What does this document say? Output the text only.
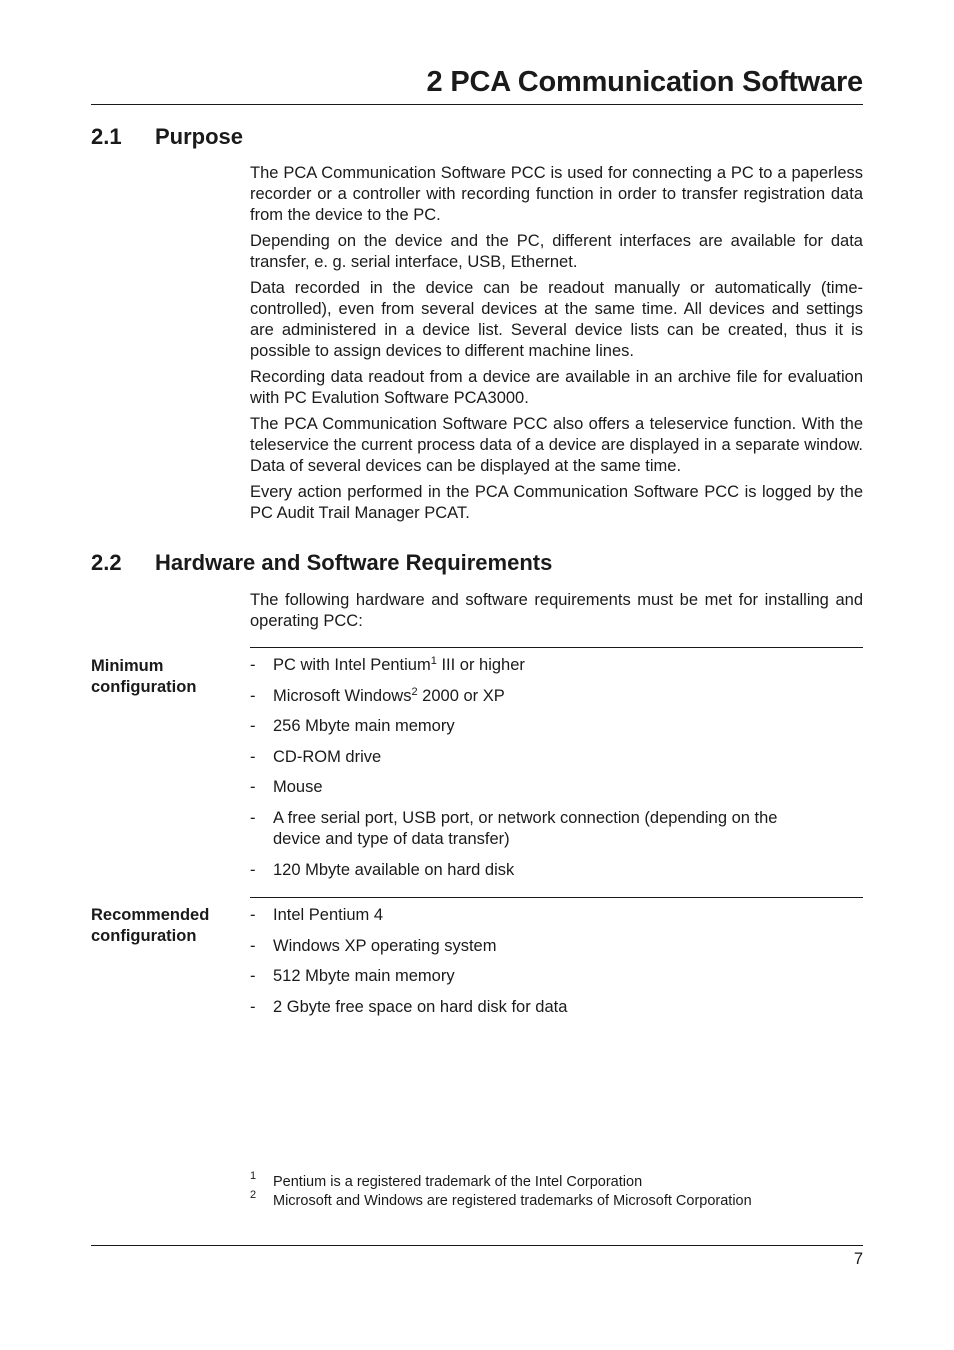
2 PCA Communication Software
2.1 Purpose

The PCA Communication Software PCC is used for connecting a PC to a paperless recorder or a controller with recording function in order to transfer registration data from the device to the PC.

Depending on the device and the PC, different interfaces are available for data transfer, e. g. serial interface, USB, Ethernet.

Data recorded in the device can be readout manually or automatically (time-controlled), even from several devices at the same time. All devices and settings are administered in a device list. Several device lists can be created, thus it is possible to assign devices to different machine lines.

Recording data readout from a device are available in an archive file for evaluation with PC Evalution Software PCA3000.

The PCA Communication Software PCC also offers a teleservice function. With the teleservice the current process data of a device are displayed in a separate window. Data of several devices can be displayed at the same time.

Every action performed in the PCA Communication Software PCC is logged by the PC Audit Trail Manager PCAT.

2.2 Hardware and Software Requirements

The following hardware and software requirements must be met for installing and operating PCC:

Minimum
configuration
- PC with Intel Pentium$^1$ III or higher
- Microsoft Windows$^2$ 2000 or XP
- 256 Mbyte main memory
- CD-ROM drive
- Mouse
- A free serial port, USB port, or network connection (depending on the device and type of data transfer)
- 120 Mbyte available on hard disk
Recommended
configuration
- Intel Pentium 4
- Windows XP operating system
- 512 Mbyte main memory
- 2 Gbyte free space on hard disk for data
1 Pentium is a registered trademark of the Intel Corporation
2 Microsoft and Windows are registered trademarks of Microsoft Corporation
7
